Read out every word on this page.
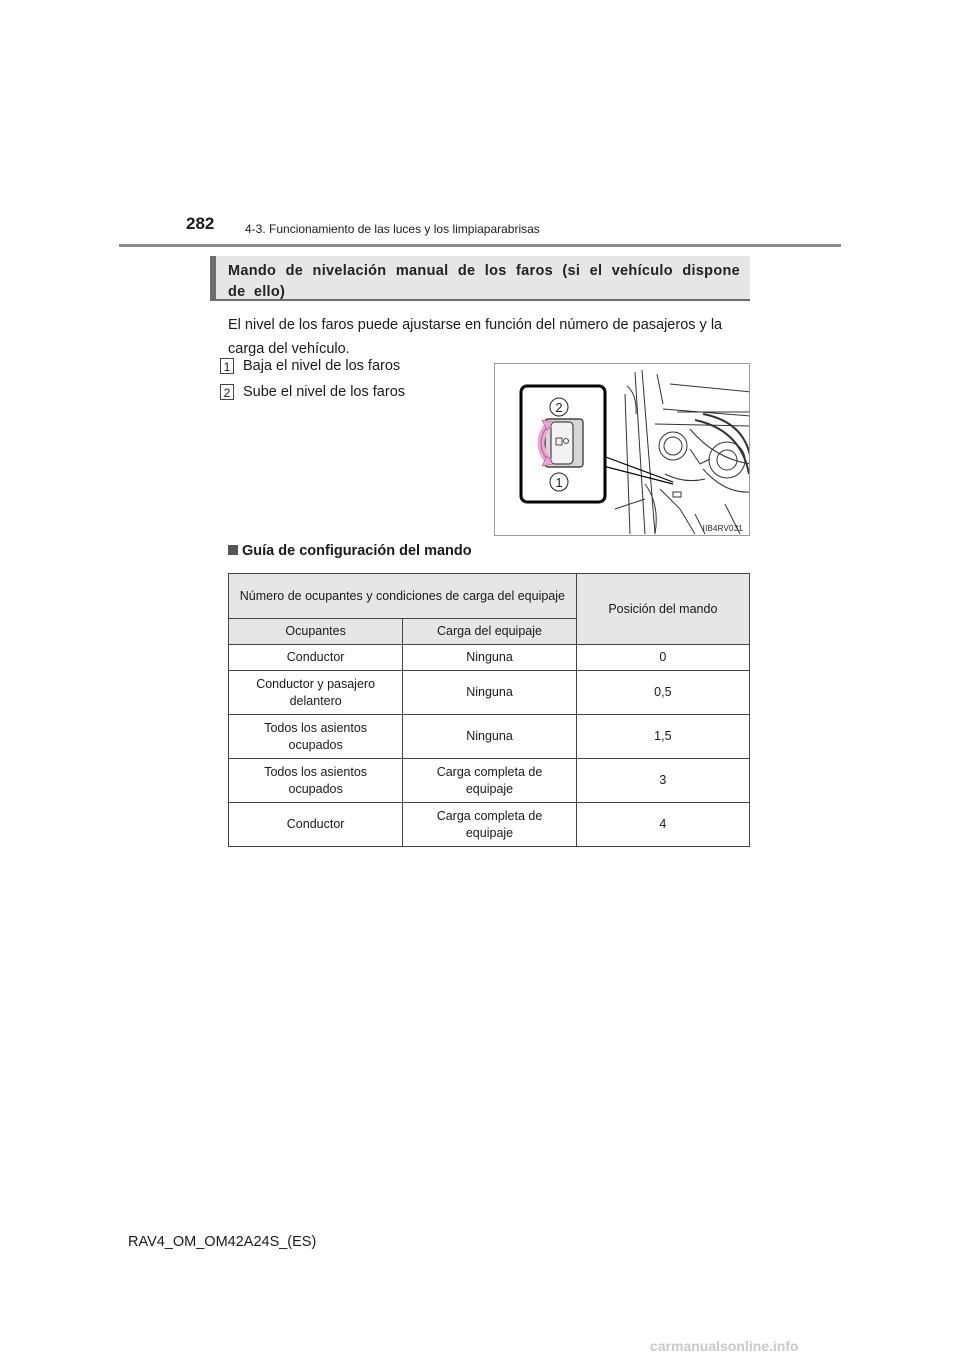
282	4-3. Funcionamiento de las luces y los limpiaparabrisas
Mando de nivelación manual de los faros (si el vehículo dispone de ello)
El nivel de los faros puede ajustarse en función del número de pasajeros y la carga del vehículo.
1 Baja el nivel de los faros
2 Sube el nivel de los faros
2
1
IIB4RV031
Guía de configuración del mando
Número de ocupantes y condiciones de carga del equipaje		Posición del mando
Ocupantes	Carga del equipaje	
Conductor	Ninguna	0
Conductor y pasajero delantero	Ninguna	0,5
Todos los asientos ocupados	Ninguna	1,5
Todos los asientos ocupados	Carga completa de equipaje	3
Conductor	Carga completa de equipaje	4
RAV4_OM_OM42A24S_(ES)
carmanualsonline.info
